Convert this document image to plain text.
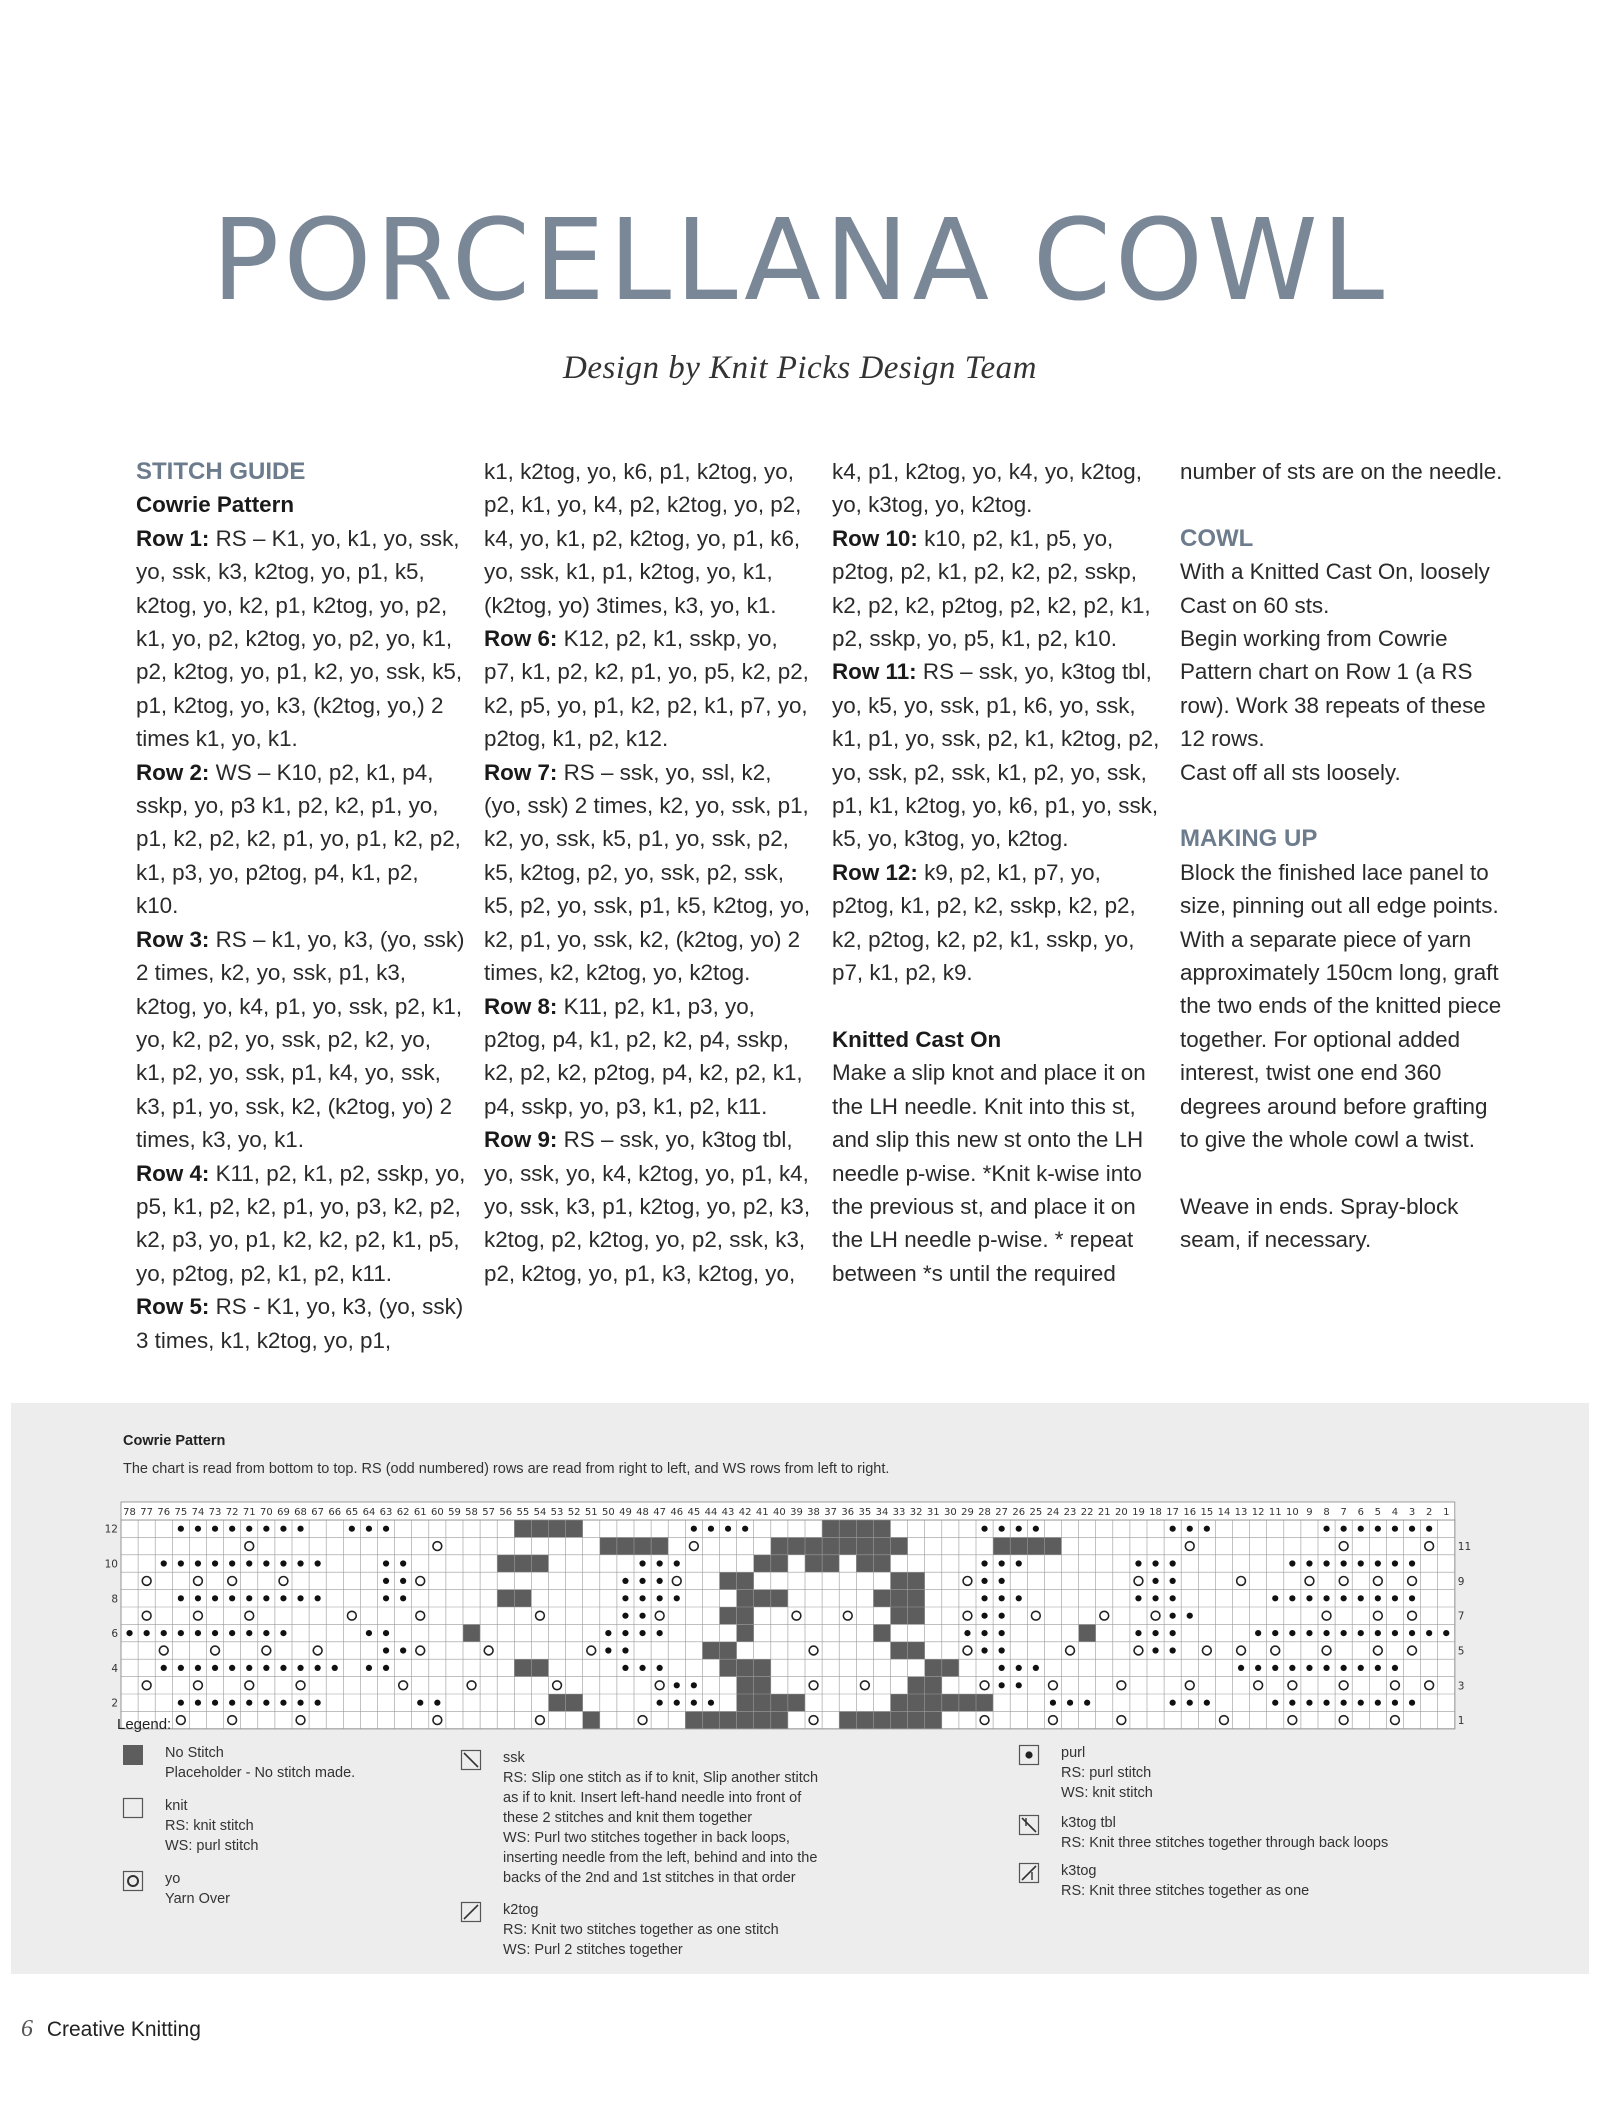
PORCELLANA COWL
Design by Knit Picks Design Team

STITCH GUIDE

Cowrie Pattern

Row 1: RS – K1, yo, k1, yo, ssk, yo, ssk, k3, k2tog, yo, p1, k5, k2tog, yo, k2, p1, k2tog, yo, p2, k1, yo, p2, k2tog, yo, p2, yo, k1, p2, k2tog, yo, p1, k2, yo, ssk, k5, p1, k2tog, yo, k3, (k2tog, yo,) 2 times k1, yo, k1.

Row 2: WS – K10, p2, k1, p4, sskp, yo, p3 k1, p2, k2, p1, yo, p1, k2, p2, k2, p1, yo, p1, k2, p2, k1, p3, yo, p2tog, p4, k1, p2, k10.

Row 3: RS – k1, yo, k3, (yo, ssk) 2 times, k2, yo, ssk, p1, k3, k2tog, yo, k4, p1, yo, ssk, p2, k1, yo, k2, p2, yo, ssk, p2, k2, yo, k1, p2, yo, ssk, p1, k4, yo, ssk, k3, p1, yo, ssk, k2, (k2tog, yo) 2 times, k3, yo, k1.

Row 4: K11, p2, k1, p2, sskp, yo, p5, k1, p2, k2, p1, yo, p3, k2, p2, k2, p3, yo, p1, k2, k2, p2, k1, p5, yo, p2tog, p2, k1, p2, k11.

Row 5: RS - K1, yo, k3, (yo, ssk) 3 times, k1, k2tog, yo, p1,

k1, k2tog, yo, k6, p1, k2tog, yo, p2, k1, yo, k4, p2, k2tog, yo, p2, k4, yo, k1, p2, k2tog, yo, p1, k6, yo, ssk, k1, p1, k2tog, yo, k1, (k2tog, yo) 3times, k3, yo, k1.

Row 6: K12, p2, k1, sskp, yo, p7, k1, p2, k2, p1, yo, p5, k2, p2, k2, p5, yo, p1, k2, p2, k1, p7, yo, p2tog, k1, p2, k12.

Row 7: RS – ssk, yo, ssl, k2, (yo, ssk) 2 times, k2, yo, ssk, p1, k2, yo, ssk, k5, p1, yo, ssk, p2, k5, k2tog, p2, yo, ssk, p2, ssk, k5, p2, yo, ssk, p1, k5, k2tog, yo, k2, p1, yo, ssk, k2, (k2tog, yo) 2 times, k2, k2tog, yo, k2tog.

Row 8: K11, p2, k1, p3, yo, p2tog, p4, k1, p2, k2, p4, sskp, k2, p2, k2, p2tog, p4, k2, p2, k1, p4, sskp, yo, p3, k1, p2, k11.

Row 9: RS – ssk, yo, k3tog tbl, yo, ssk, yo, k4, k2tog, yo, p1, k4, yo, ssk, k3, p1, k2tog, yo, p2, k3, k2tog, p2, k2tog, yo, p2, ssk, k3, p2, k2tog, yo, p1, k3, k2tog, yo,

k4, p1, k2tog, yo, k4, yo, k2tog, yo, k3tog, yo, k2tog.

Row 10: k10, p2, k1, p5, yo, p2tog, p2, k1, p2, k2, p2, sskp, k2, p2, k2, p2tog, p2, k2, p2, k1, p2, sskp, yo, p5, k1, p2, k10.

Row 11: RS – ssk, yo, k3tog tbl, yo, k5, yo, ssk, p1, k6, yo, ssk, k1, p1, yo, ssk, p2, k1, k2tog, p2, yo, ssk, p2, ssk, k1, p2, yo, ssk, p1, k1, k2tog, yo, k6, p1, yo, ssk, k5, yo, k3tog, yo, k2tog.

Row 12: k9, p2, k1, p7, yo, p2tog, k1, p2, k2, sskp, k2, p2, k2, p2tog, k2, p2, k1, sskp, yo, p7, k1, p2, k9.

Knitted Cast On

Make a slip knot and place it on the LH needle. Knit into this st, and slip this new st onto the LH needle p-wise. *Knit k-wise into the previous st, and place it on the LH needle p-wise. * repeat between *s until the required

number of sts are on the needle.

COWL

With a Knitted Cast On, loosely Cast on 60 sts.

Begin working from Cowrie Pattern chart on Row 1 (a RS row). Work 38 repeats of these 12 rows.

Cast off all sts loosely.

MAKING UP

Block the finished lace panel to size, pinning out all edge points.

With a separate piece of yarn approximately 150cm long, graft the two ends of the knitted piece together. For optional added interest, twist one end 360 degrees around before grafting to give the whole cowl a twist.

Weave in ends. Spray-block seam, if necessary.

Cowrie Pattern
The chart is read from bottom to top. RS (odd numbered) rows are read from right to left, and WS rows from left to right.
78 77 76 75 74 73 72 71 70 69 68 67 66 65 64 63 62 61 60 59 58 57 56 55 54 53 52 51 50 49 48 47 46 45 44 43 42 41 40 39 38 37 36 35 34 33 32 31 30 29 28 27 26 25 24 23 22 21 20 19 18 17 16 15 14 13 12 11 10 9 8 7 6 5 4 3 2 1
12
11
10
9
8
7
6
5
4
3
2
1
Legend:
No Stitch
Placeholder - No stitch made.
knit
RS: knit stitch
WS: purl stitch
yo
Yarn Over
ssk
RS: Slip one stitch as if to knit, Slip another stitch
as if to knit. Insert left-hand needle into front of
these 2 stitches and knit them together
WS: Purl two stitches together in back loops,
inserting needle from the left, behind and into the
backs of the 2nd and 1st stitches in that order
k2tog
RS: Knit two stitches together as one stitch
WS: Purl 2 stitches together
purl
RS: purl stitch
WS: knit stitch
k3tog tbl
RS: Knit three stitches together through back loops
k3tog
RS: Knit three stitches together as one
6 Creative Knitting
